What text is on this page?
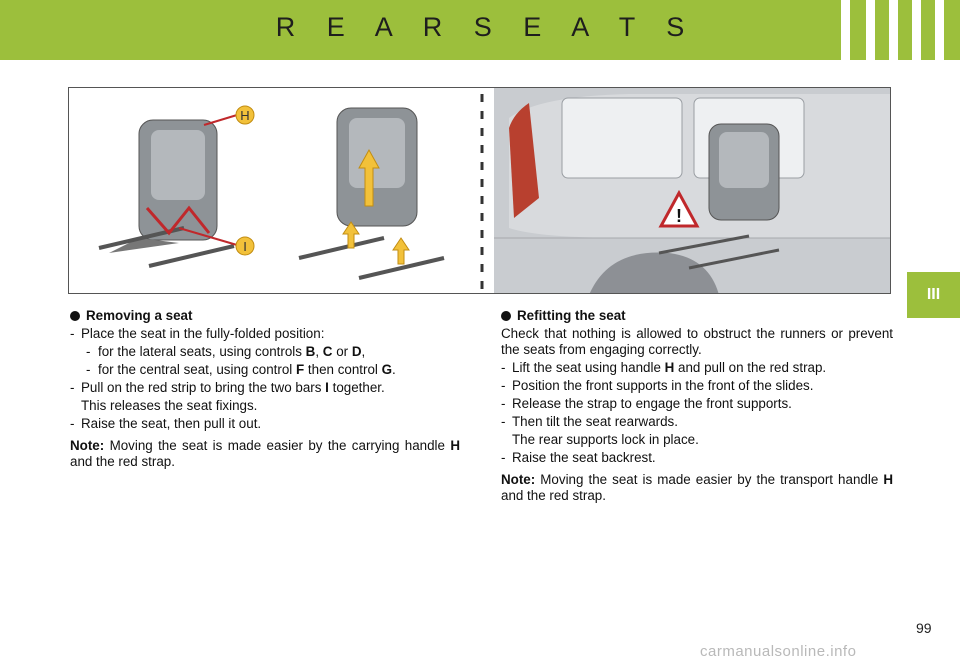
R E A R S E A T S
III
H
I
!
Removing a seat
- Place the seat in the fully-folded position:
- for the lateral seats, using controls B, C or D,
- for the central seat, using control F then control G.
- Pull on the red strip to bring the two bars I together.
This releases the seat fixings.
- Raise the seat, then pull it out.
Note: Moving the seat is made easier by the carrying handle H and the red strap.
Refitting the seat
Check that nothing is allowed to obstruct the runners or prevent the seats from engaging correctly.
- Lift the seat using handle H and pull on the red strap.
- Position the front supports in the front of the slides.
- Release the strap to engage the front supports.
- Then tilt the seat rearwards.
The rear supports lock in place.
- Raise the seat backrest.
Note: Moving the seat is made easier by the transport handle H and the red strap.
99
carmanualsonline.info
